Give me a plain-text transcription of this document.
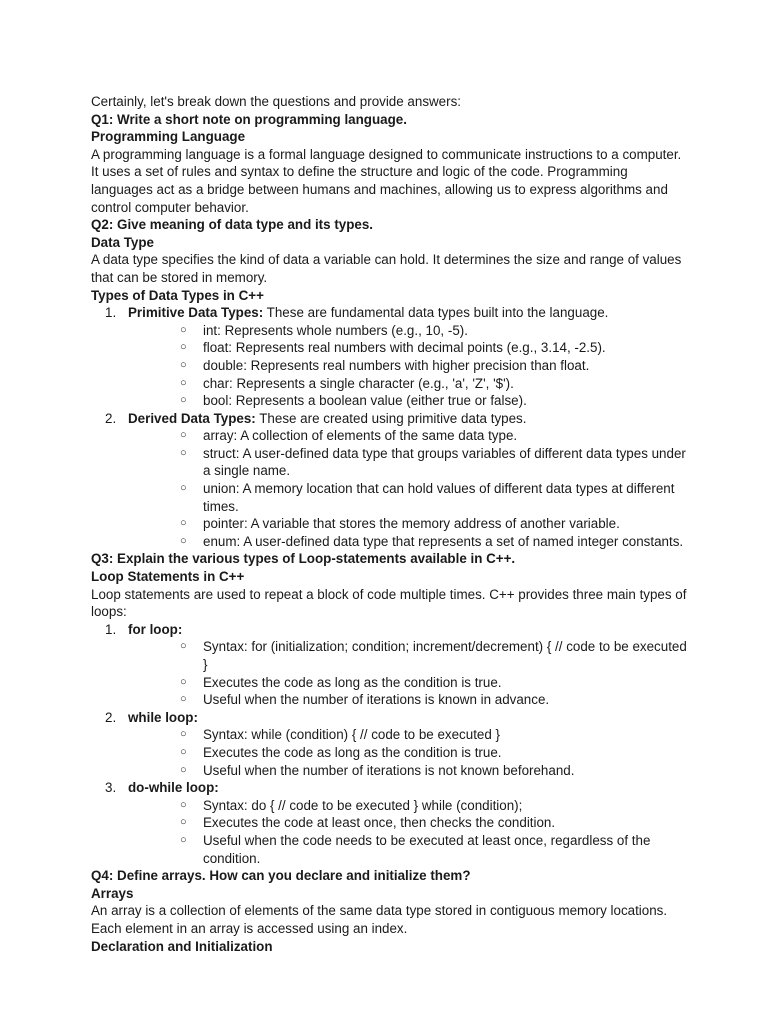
Certainly, let's break down the questions and provide answers:

Q1: Write a short note on programming language.

Programming Language

A programming language is a formal language designed to communicate instructions to a computer. It uses a set of rules and syntax to define the structure and logic of the code. Programming languages act as a bridge between humans and machines, allowing us to express algorithms and control computer behavior.

Q2: Give meaning of data type and its types.

Data Type

A data type specifies the kind of data a variable can hold. It determines the size and range of values that can be stored in memory.

Types of Data Types in C++

1. Primitive Data Types: These are fundamental data types built into the language.
○ int: Represents whole numbers (e.g., 10, -5).
○ float: Represents real numbers with decimal points (e.g., 3.14, -2.5).
○ double: Represents real numbers with higher precision than float.
○ char: Represents a single character (e.g., 'a', 'Z', '$').
○ bool: Represents a boolean value (either true or false).
2. Derived Data Types: These are created using primitive data types.
○ array: A collection of elements of the same data type.
○ struct: A user-defined data type that groups variables of different data types under a single name.
○ union: A memory location that can hold values of different data types at different times.
○ pointer: A variable that stores the memory address of another variable.
○ enum: A user-defined data type that represents a set of named integer constants.

Q3: Explain the various types of Loop-statements available in C++.

Loop Statements in C++

Loop statements are used to repeat a block of code multiple times. C++ provides three main types of loops:

1. for loop:
○ Syntax: for (initialization; condition; increment/decrement) { // code to be executed }
○ Executes the code as long as the condition is true.
○ Useful when the number of iterations is known in advance.
2. while loop:
○ Syntax: while (condition) { // code to be executed }
○ Executes the code as long as the condition is true.
○ Useful when the number of iterations is not known beforehand.
3. do-while loop:
○ Syntax: do { // code to be executed } while (condition);
○ Executes the code at least once, then checks the condition.
○ Useful when the code needs to be executed at least once, regardless of the condition.

Q4: Define arrays. How can you declare and initialize them?

Arrays

An array is a collection of elements of the same data type stored in contiguous memory locations. Each element in an array is accessed using an index.

Declaration and Initialization
